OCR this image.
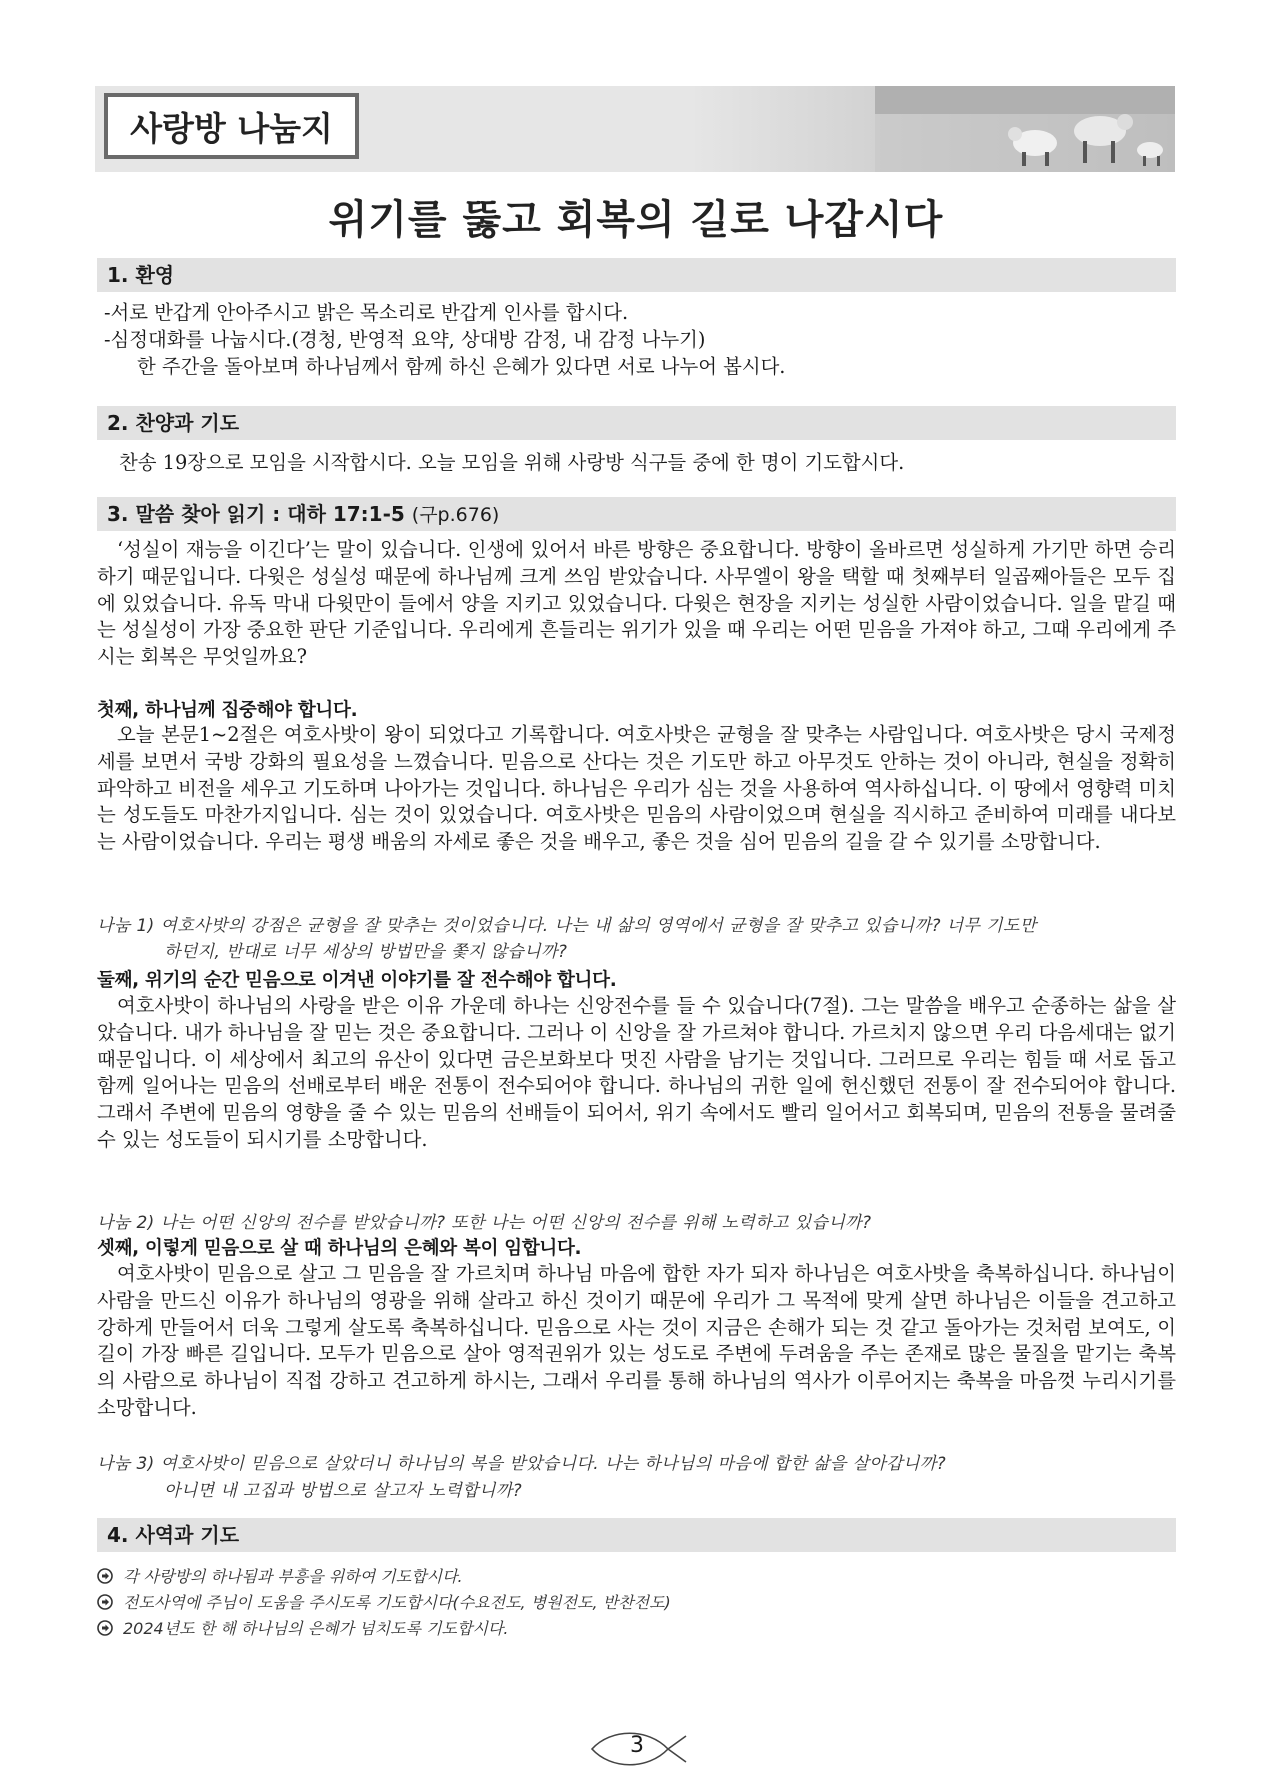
사랑방 나눔지
위기를 뚫고 회복의 길로 나갑시다
1. 환영
-서로 반갑게 안아주시고 밝은 목소리로 반갑게 인사를 합시다.
-심정대화를 나눕시다.(경청, 반영적 요약, 상대방 감정, 내 감정 나누기)
한 주간을 돌아보며 하나님께서 함께 하신 은혜가 있다면 서로 나누어 봅시다.
2. 찬양과 기도
찬송 19장으로 모임을 시작합시다. 오늘 모임을 위해 사랑방 식구들 중에 한 명이 기도합시다.
3. 말씀 찾아 읽기 : 대하 17:1-5 (구p.676)

‘성실이 재능을 이긴다’는 말이 있습니다. 인생에 있어서 바른 방향은 중요합니다. 방향이 올바르면 성실하게 가기만 하면 승리하기 때문입니다. 다윗은 성실성 때문에 하나님께 크게 쓰임 받았습니다. 사무엘이 왕을 택할 때 첫째부터 일곱째아들은 모두 집에 있었습니다. 유독 막내 다윗만이 들에서 양을 지키고 있었습니다. 다윗은 현장을 지키는 성실한 사람이었습니다. 일을 맡길 때는 성실성이 가장 중요한 판단 기준입니다. 우리에게 흔들리는 위기가 있을 때 우리는 어떤 믿음을 가져야 하고, 그때 우리에게 주시는 회복은 무엇일까요?

첫째, 하나님께 집중해야 합니다.

오늘 본문1~2절은 여호사밧이 왕이 되었다고 기록합니다. 여호사밧은 균형을 잘 맞추는 사람입니다. 여호사밧은 당시 국제정세를 보면서 국방 강화의 필요성을 느꼈습니다. 믿음으로 산다는 것은 기도만 하고 아무것도 안하는 것이 아니라, 현실을 정확히 파악하고 비전을 세우고 기도하며 나아가는 것입니다. 하나님은 우리가 심는 것을 사용하여 역사하십니다. 이 땅에서 영향력 미치는 성도들도 마찬가지입니다. 심는 것이 있었습니다. 여호사밧은 믿음의 사람이었으며 현실을 직시하고 준비하여 미래를 내다보는 사람이었습니다. 우리는 평생 배움의 자세로 좋은 것을 배우고, 좋은 것을 심어 믿음의 길을 갈 수 있기를 소망합니다.

나눔 1) 여호사밧의 강점은 균형을 잘 맞추는 것이었습니다. 나는 내 삶의 영역에서 균형을 잘 맞추고 있습니까? 너무 기도만
하던지, 반대로 너무 세상의 방법만을 쫓지 않습니까?
둘째, 위기의 순간 믿음으로 이겨낸 이야기를 잘 전수해야 합니다.

여호사밧이 하나님의 사랑을 받은 이유 가운데 하나는 신앙전수를 들 수 있습니다(7절). 그는 말씀을 배우고 순종하는 삶을 살았습니다. 내가 하나님을 잘 믿는 것은 중요합니다. 그러나 이 신앙을 잘 가르쳐야 합니다. 가르치지 않으면 우리 다음세대는 없기 때문입니다. 이 세상에서 최고의 유산이 있다면 금은보화보다 멋진 사람을 남기는 것입니다. 그러므로 우리는 힘들 때 서로 돕고 함께 일어나는 믿음의 선배로부터 배운 전통이 전수되어야 합니다. 하나님의 귀한 일에 헌신했던 전통이 잘 전수되어야 합니다. 그래서 주변에 믿음의 영향을 줄 수 있는 믿음의 선배들이 되어서, 위기 속에서도 빨리 일어서고 회복되며, 믿음의 전통을 물려줄 수 있는 성도들이 되시기를 소망합니다.

나눔 2) 나는 어떤 신앙의 전수를 받았습니까? 또한 나는 어떤 신앙의 전수를 위해 노력하고 있습니까?
셋째, 이렇게 믿음으로 살 때 하나님의 은혜와 복이 임합니다.

여호사밧이 믿음으로 살고 그 믿음을 잘 가르치며 하나님 마음에 합한 자가 되자 하나님은 여호사밧을 축복하십니다. 하나님이 사람을 만드신 이유가 하나님의 영광을 위해 살라고 하신 것이기 때문에 우리가 그 목적에 맞게 살면 하나님은 이들을 견고하고 강하게 만들어서 더욱 그렇게 살도록 축복하십니다. 믿음으로 사는 것이 지금은 손해가 되는 것 같고 돌아가는 것처럼 보여도, 이 길이 가장 빠른 길입니다. 모두가 믿음으로 살아 영적권위가 있는 성도로 주변에 두려움을 주는 존재로 많은 물질을 맡기는 축복의 사람으로 하나님이 직접 강하고 견고하게 하시는, 그래서 우리를 통해 하나님의 역사가 이루어지는 축복을 마음껏 누리시기를 소망합니다.

나눔 3) 여호사밧이 믿음으로 살았더니 하나님의 복을 받았습니다. 나는 하나님의 마음에 합한 삶을 살아갑니까?
아니면 내 고집과 방법으로 살고자 노력합니까?
4. 사역과 기도
각 사랑방의 하나됨과 부흥을 위하여 기도합시다.
전도사역에 주님이 도움을 주시도록 기도합시다(수요전도, 병원전도, 반찬전도)
2024년도 한 해 하나님의 은혜가 넘치도록 기도합시다.
3
